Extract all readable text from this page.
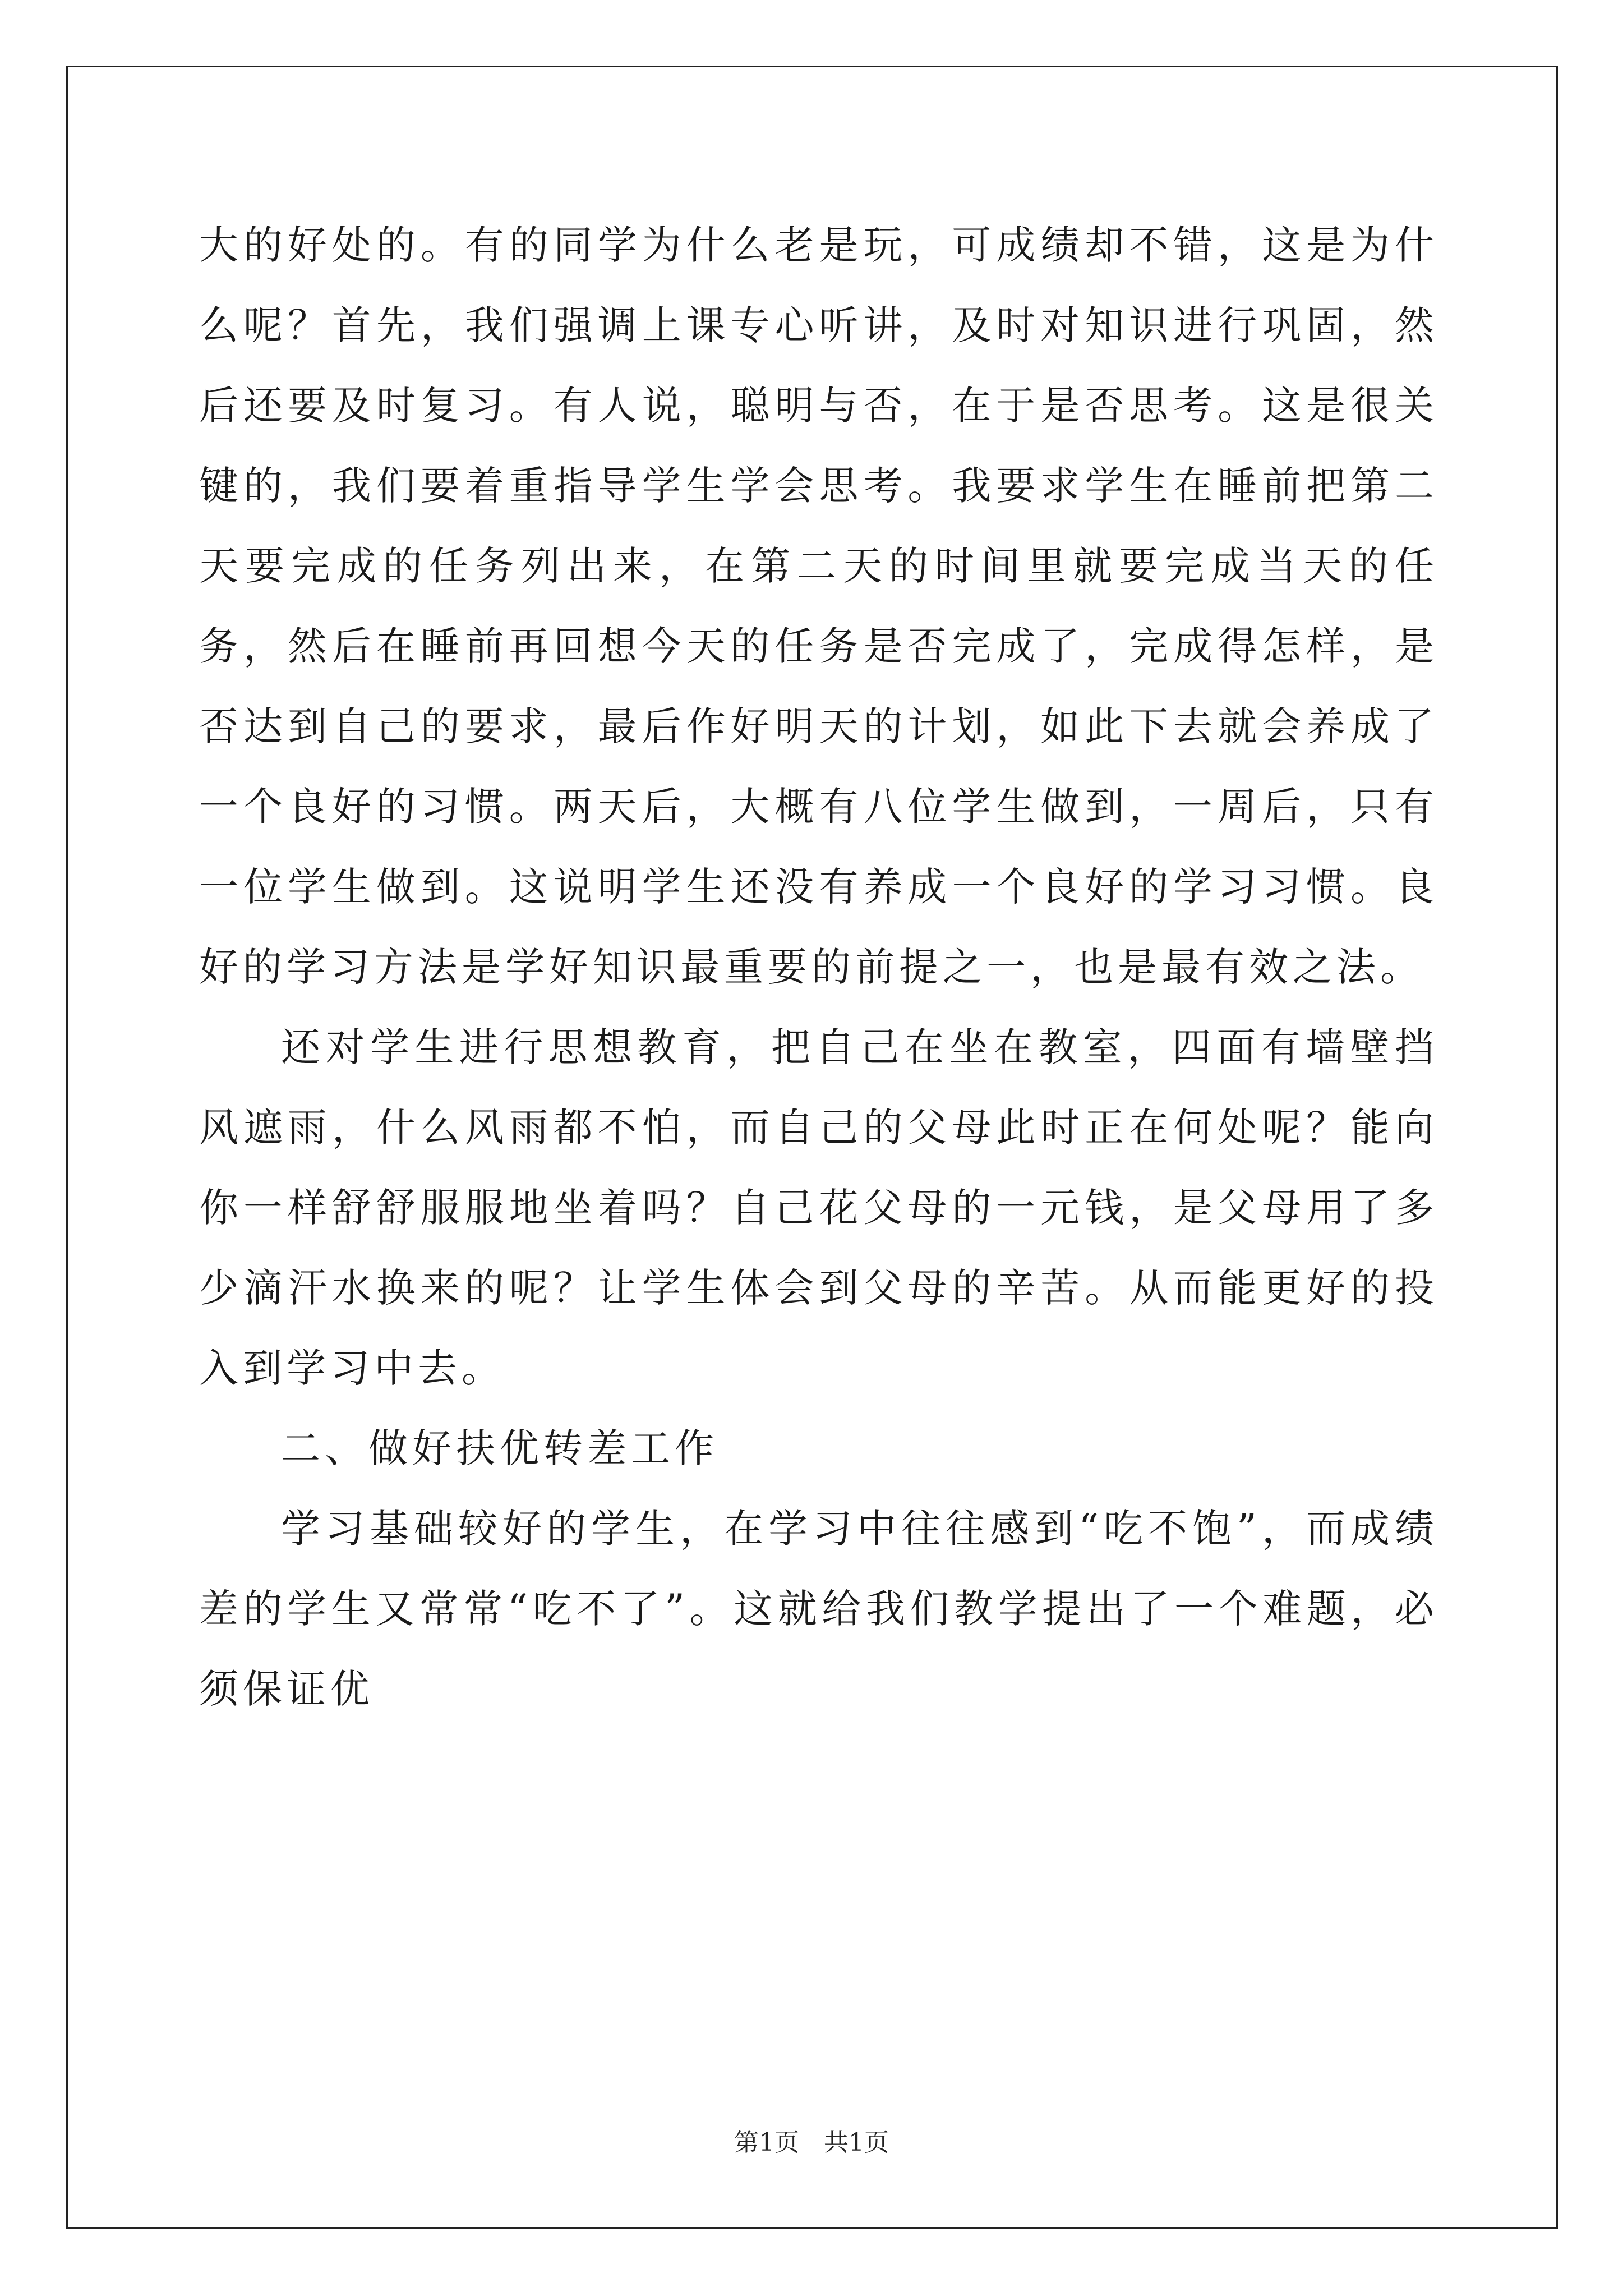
大的好处的。有的同学为什么老是玩，可成绩却不错，这是为什么呢？首先，我们强调上课专心听讲，及时对知识进行巩固，然后还要及时复习。有人说，聪明与否，在于是否思考。这是很关键的，我们要着重指导学生学会思考。我要求学生在睡前把第二天要完成的任务列出来，在第二天的时间里就要完成当天的任务，然后在睡前再回想今天的任务是否完成了，完成得怎样，是否达到自己的要求，最后作好明天的计划，如此下去就会养成了一个良好的习惯。两天后，大概有八位学生做到，一周后，只有一位学生做到。这说明学生还没有养成一个良好的学习习惯。良好的学习方法是学好知识最重要的前提之一，也是最有效之法。

还对学生进行思想教育，把自己在坐在教室，四面有墙壁挡风遮雨，什么风雨都不怕，而自己的父母此时正在何处呢？能向你一样舒舒服服地坐着吗？自己花父母的一元钱，是父母用了多少滴汗水换来的呢？让学生体会到父母的辛苦。从而能更好的投入到学习中去。

二、做好扶优转差工作

学习基础较好的学生，在学习中往往感到“吃不饱”，而成绩差的学生又常常“吃不了”。这就给我们教学提出了一个难题，必须保证优

第1页　共1页
